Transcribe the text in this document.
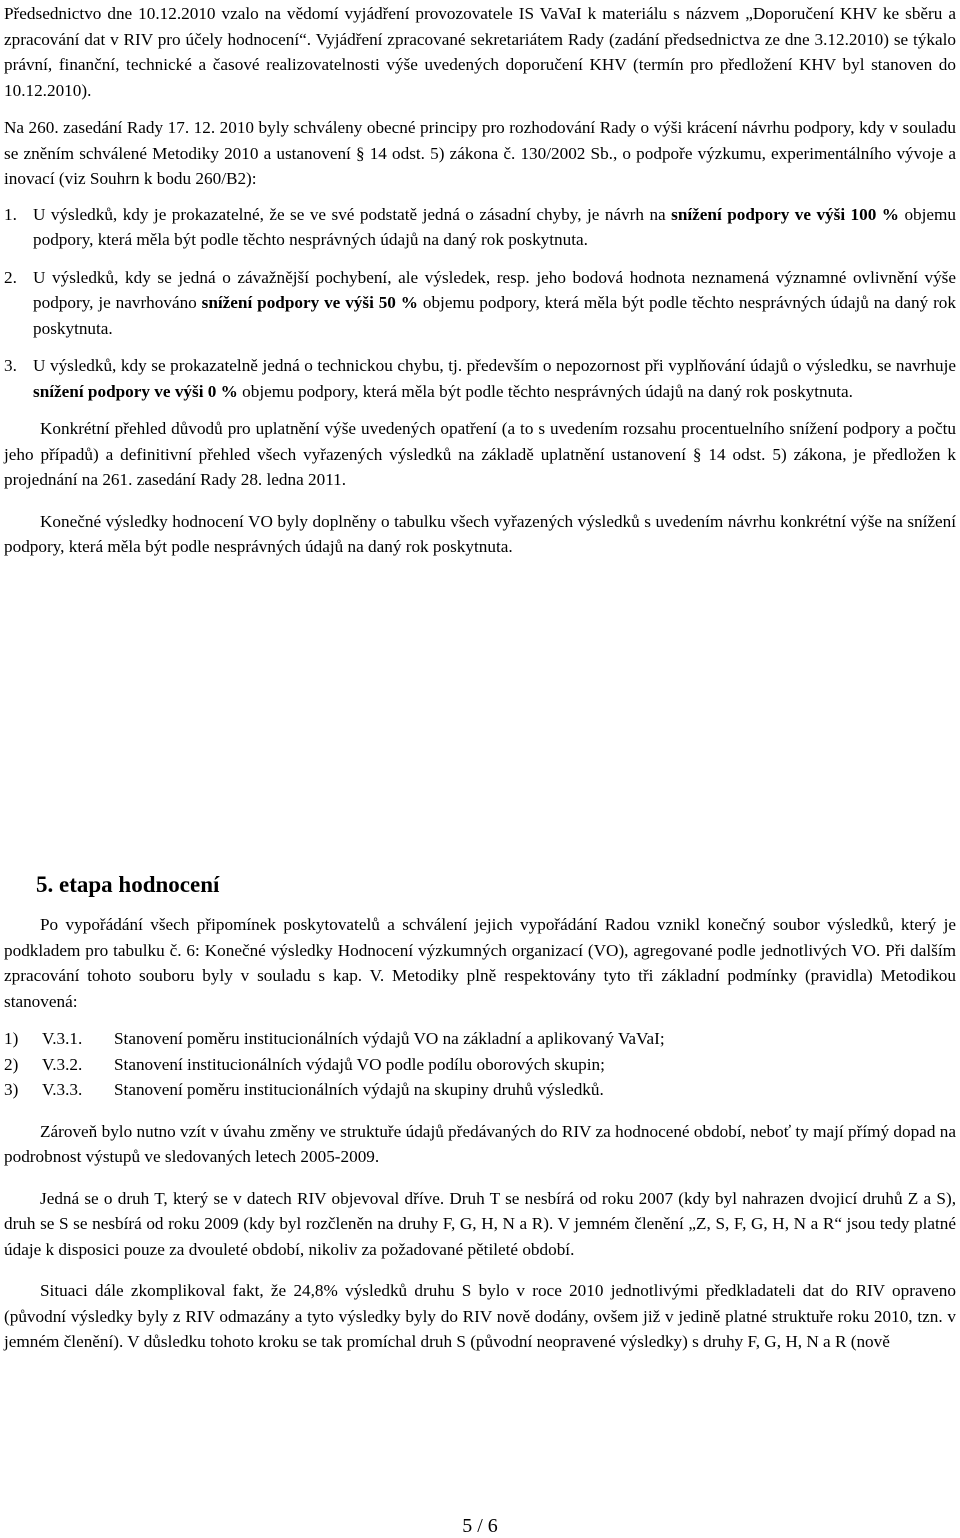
Předsednictvo dne 10.12.2010 vzalo na vědomí vyjádření provozovatele IS VaVaI k materiálu s názvem „Doporučení KHV ke sběru a zpracování dat v RIV pro účely hodnocení“. Vyjádření zpracované sekretariátem Rady (zadání předsednictva ze dne 3.12.2010) se týkalo právní, finanční, technické a časové realizovatelnosti výše uvedených doporučení KHV (termín pro předložení KHV byl stanoven do 10.12.2010).

Na 260. zasedání Rady 17. 12. 2010 byly schváleny obecné principy pro rozhodování Rady o výši krácení návrhu podpory, kdy v souladu se zněním schválené Metodiky 2010 a ustanovení § 14 odst. 5) zákona č. 130/2002 Sb., o podpoře výzkumu, experimentálního vývoje a inovací (viz Souhrn k bodu 260/B2):

1. U výsledků, kdy je prokazatelné, že se ve své podstatě jedná o zásadní chyby, je návrh na snížení podpory ve výši 100 % objemu podpory, která měla být podle těchto nesprávných údajů na daný rok poskytnuta.

2. U výsledků, kdy se jedná o závažnější pochybení, ale výsledek, resp. jeho bodová hodnota neznamená významné ovlivnění výše podpory, je navrhováno snížení podpory ve výši 50 % objemu podpory, která měla být podle těchto nesprávných údajů na daný rok poskytnuta.

3. U výsledků, kdy se prokazatelně jedná o technickou chybu, tj. především o nepozornost při vyplňování údajů o výsledku, se navrhuje snížení podpory ve výši 0 % objemu podpory, která měla být podle těchto nesprávných údajů na daný rok poskytnuta.

Konkrétní přehled důvodů pro uplatnění výše uvedených opatření (a to s uvedením rozsahu procentuelního snížení podpory a počtu jeho případů) a definitivní přehled všech vyřazených výsledků na základě uplatnění ustanovení § 14 odst. 5) zákona, je předložen k projednání na 261. zasedání Rady 28. ledna 2011.

Konečné výsledky hodnocení VO byly doplněny o tabulku všech vyřazených výsledků s uvedením návrhu konkrétní výše na snížení podpory, která měla být podle nesprávných údajů na daný rok poskytnuta.

5. etapa hodnocení

Po vypořádání všech připomínek poskytovatelů a schválení jejich vypořádání Radou vznikl konečný soubor výsledků, který je podkladem pro tabulku č. 6: Konečné výsledky Hodnocení výzkumných organizací (VO), agregované podle jednotlivých VO. Při dalším zpracování tohoto souboru byly v souladu s kap. V. Metodiky plně respektovány tyto tři základní podmínky (pravidla) Metodikou stanovená:

1) V.3.1. Stanovení poměru institucionálních výdajů VO na základní a aplikovaný VaVaI;
2) V.3.2. Stanovení institucionálních výdajů VO podle podílu oborových skupin;
3) V.3.3. Stanovení poměru institucionálních výdajů na skupiny druhů výsledků.

Zároveň bylo nutno vzít v úvahu změny ve struktuře údajů předávaných do RIV za hodnocené období, neboť ty mají přímý dopad na podrobnost výstupů ve sledovaných letech 2005-2009.

Jedná se o druh T, který se v datech RIV objevoval dříve. Druh T se nesbírá od roku 2007 (kdy byl nahrazen dvojicí druhů Z a S), druh se S se nesbírá od roku 2009 (kdy byl rozčleněn na druhy F, G, H, N a R). V jemném členění „Z, S, F, G, H, N a R“ jsou tedy platné údaje k disposici pouze za dvouleté období, nikoliv za požadované pětileté období.

Situaci dále zkomplikoval fakt, že 24,8% výsledků druhu S bylo v roce 2010 jednotlivými předkladateli dat do RIV opraveno (původní výsledky byly z RIV odmazány a tyto výsledky byly do RIV nově dodány, ovšem již v jedině platné struktuře roku 2010, tzn. v jemném členění). V důsledku tohoto kroku se tak promíchal druh S (původní neopravené výsledky) s druhy F, G, H, N a R (nově

5 / 6
